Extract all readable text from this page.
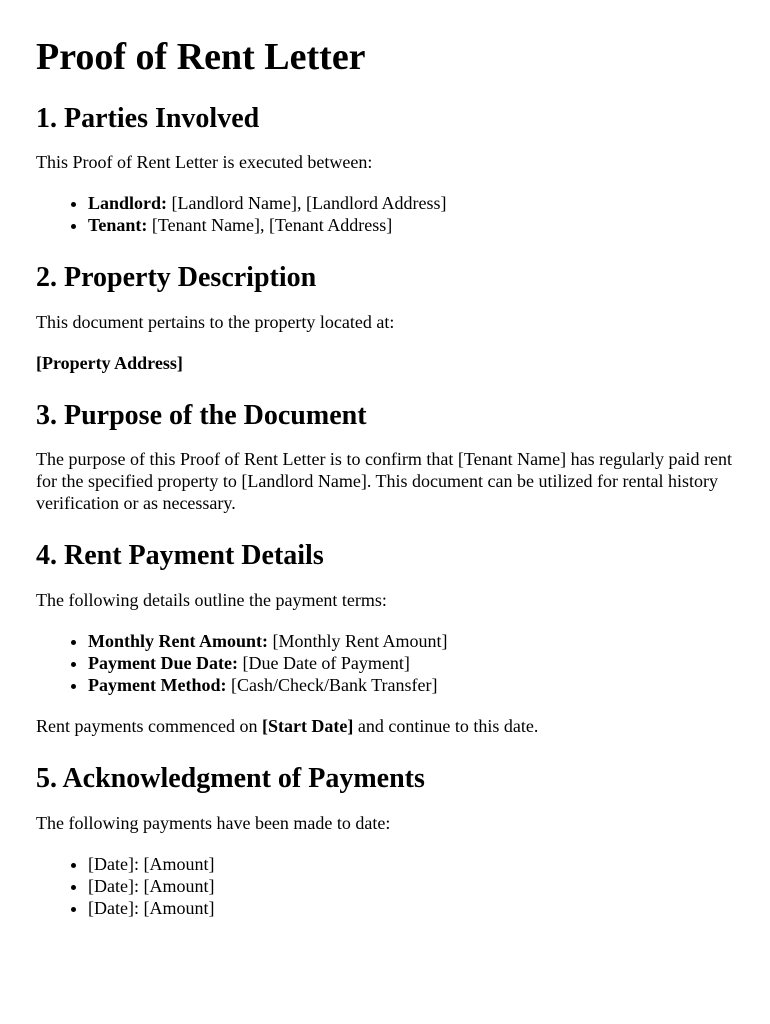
Proof of Rent Letter
1. Parties Involved

This Proof of Rent Letter is executed between:

• Landlord: [Landlord Name], [Landlord Address]
• Tenant: [Tenant Name], [Tenant Address]
2. Property Description

This document pertains to the property located at:

[Property Address]

3. Purpose of the Document

The purpose of this Proof of Rent Letter is to confirm that [Tenant Name] has regularly paid rent for the specified property to [Landlord Name]. This document can be utilized for rental history verification or as necessary.

4. Rent Payment Details

The following details outline the payment terms:

• Monthly Rent Amount: [Monthly Rent Amount]
• Payment Due Date: [Due Date of Payment]
• Payment Method: [Cash/Check/Bank Transfer]

Rent payments commenced on [Start Date] and continue to this date.

5. Acknowledgment of Payments

The following payments have been made to date:

• [Date]: [Amount]
• [Date]: [Amount]
• [Date]: [Amount]
